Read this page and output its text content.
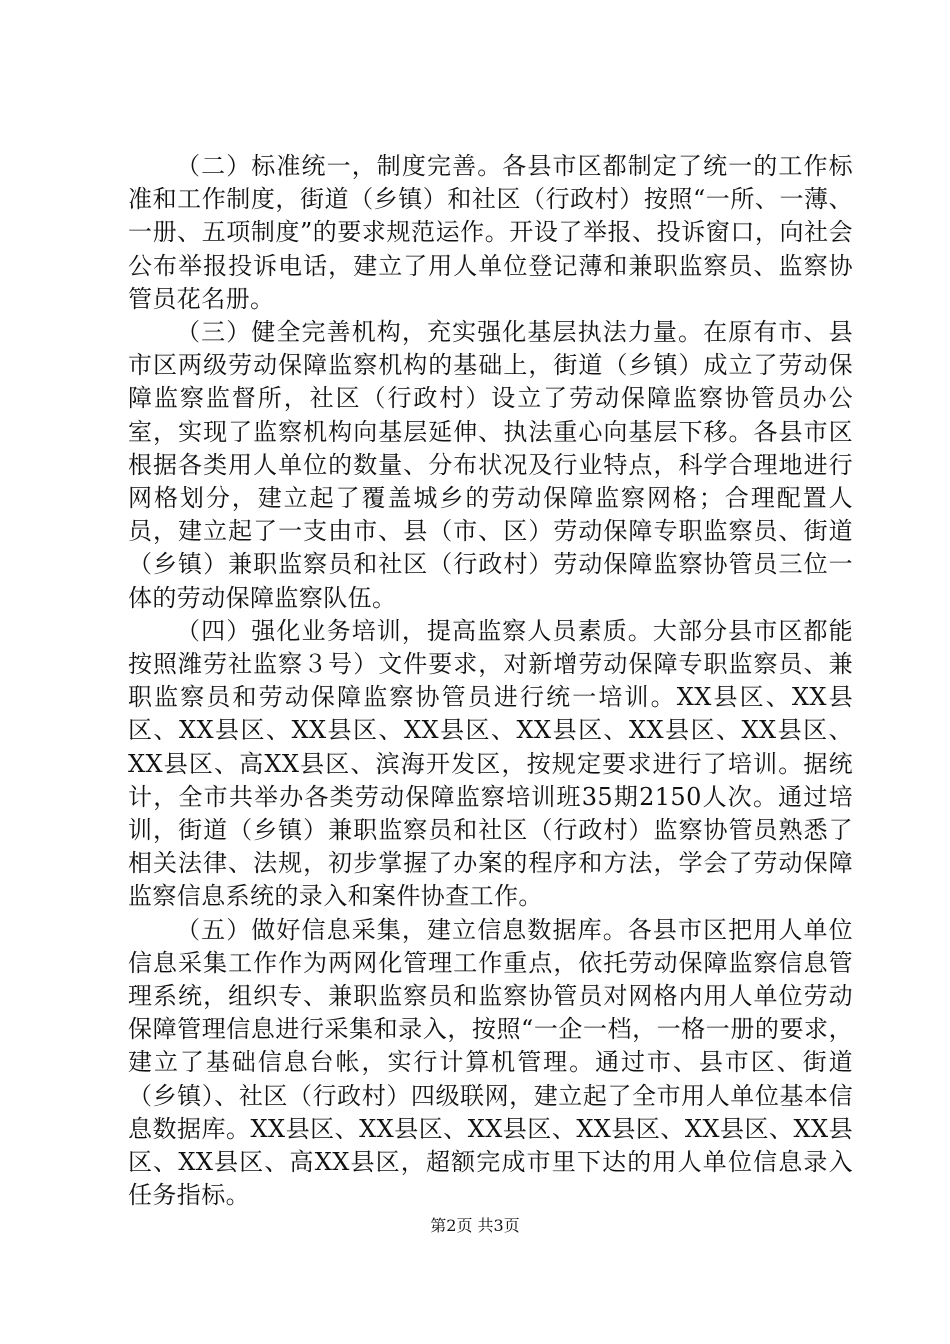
（二）标准统一，制度完善。各县市区都制定了统一的工作标准和工作制度，街道（乡镇）和社区（行政村）按照“一所、一薄、一册、五项制度”的要求规范运作。开设了举报、投诉窗口，向社会公布举报投诉电话，建立了用人单位登记薄和兼职监察员、监察协管员花名册。

（三）健全完善机构，充实强化基层执法力量。在原有市、县市区两级劳动保障监察机构的基础上，街道（乡镇）成立了劳动保障监察监督所，社区（行政村）设立了劳动保障监察协管员办公室，实现了监察机构向基层延伸、执法重心向基层下移。各县市区根据各类用人单位的数量、分布状况及行业特点，科学合理地进行网格划分，建立起了覆盖城乡的劳动保障监察网格；合理配置人员，建立起了一支由市、县（市、区）劳动保障专职监察员、街道（乡镇）兼职监察员和社区（行政村）劳动保障监察协管员三位一体的劳动保障监察队伍。

（四）强化业务培训，提高监察人员素质。大部分县市区都能按照潍劳社监察３号）文件要求，对新增劳动保障专职监察员、兼职监察员和劳动保障监察协管员进行统一培训。XX县区、XX县区、XX县区、XX县区、XX县区、XX县区、XX县区、XX县区、XX县区、高XX县区、滨海开发区，按规定要求进行了培训。据统计，全市共举办各类劳动保障监察培训班35期2150人次。通过培训，街道（乡镇）兼职监察员和社区（行政村）监察协管员熟悉了相关法律、法规，初步掌握了办案的程序和方法，学会了劳动保障监察信息系统的录入和案件协查工作。

（五）做好信息采集，建立信息数据库。各县市区把用人单位信息采集工作作为两网化管理工作重点，依托劳动保障监察信息管理系统，组织专、兼职监察员和监察协管员对网格内用人单位劳动保障管理信息进行采集和录入，按照“一企一档，一格一册的要求，建立了基础信息台帐，实行计算机管理。通过市、县市区、街道（乡镇）、社区（行政村）四级联网，建立起了全市用人单位基本信息数据库。XX县区、XX县区、XX县区、XX县区、XX县区、XX县区、XX县区、高XX县区，超额完成市里下达的用人单位信息录入任务指标。

第2页 共3页
